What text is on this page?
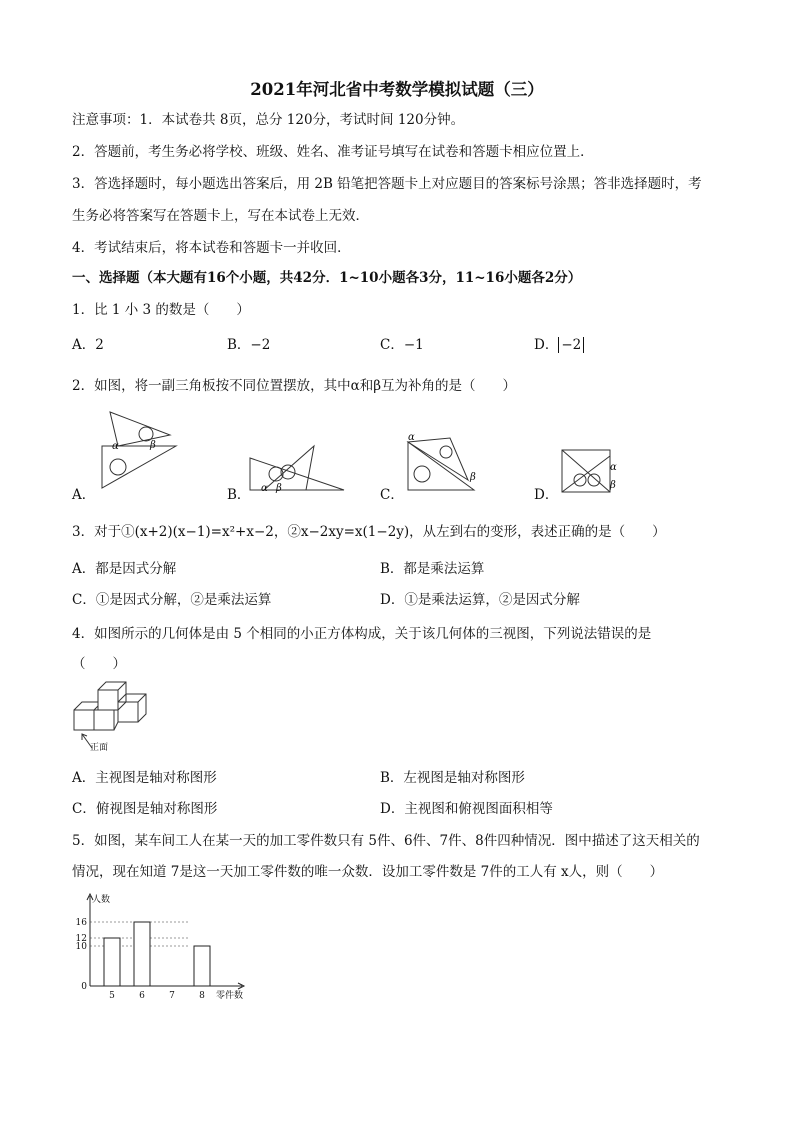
2021年河北省中考数学模拟试题（三）
注意事项：1．本试卷共 8页，总分 120分，考试时间 120分钟。
2．答题前，考生务必将学校、班级、姓名、准考证号填写在试卷和答题卡相应位置上．
3．答选择题时，每小题选出答案后，用 2B 铅笔把答题卡上对应题目的答案标号涂黑；答非选择题时，考
生务必将答案写在答题卡上，写在本试卷上无效．
4．考试结束后，将本试卷和答题卡一并收回．
一、选择题（本大题有16个小题，共42分．1~10小题各3分，11~16小题各2分）
1．比 1 小 3 的数是（　　）
A．2	B．−2	C．−1	D． −2
2．如图，将一副三角板按不同位置摆放，其中α和β互为补角的是（　　）
A．
α	β
B． α β	C．
α
β
D．
α
β
3．对于①(x+2)(x−1)=x²+x−2，②x−2xy=x(1−2y)，从左到右的变形，表述正确的是（　　）
A．都是因式分解	B．都是乘法运算
C．①是因式分解，②是乘法运算	D．①是乘法运算，②是因式分解
4．如图所示的几何体是由 5 个相同的小正方体构成，关于该几何体的三视图，下列说法错误的是
（　　）
正面
A．主视图是轴对称图形	B．左视图是轴对称图形
C．俯视图是轴对称图形	D．主视图和俯视图面积相等
5．如图，某车间工人在某一天的加工零件数只有 5件、6件、7件、8件四种情况．图中描述了这天相关的
情况，现在知道 7是这一天加工零件数的唯一众数．设加工零件数是 7件的工人有 x人，则（　　）
人数
零件数
0
10
12
16
5	6	7	8
